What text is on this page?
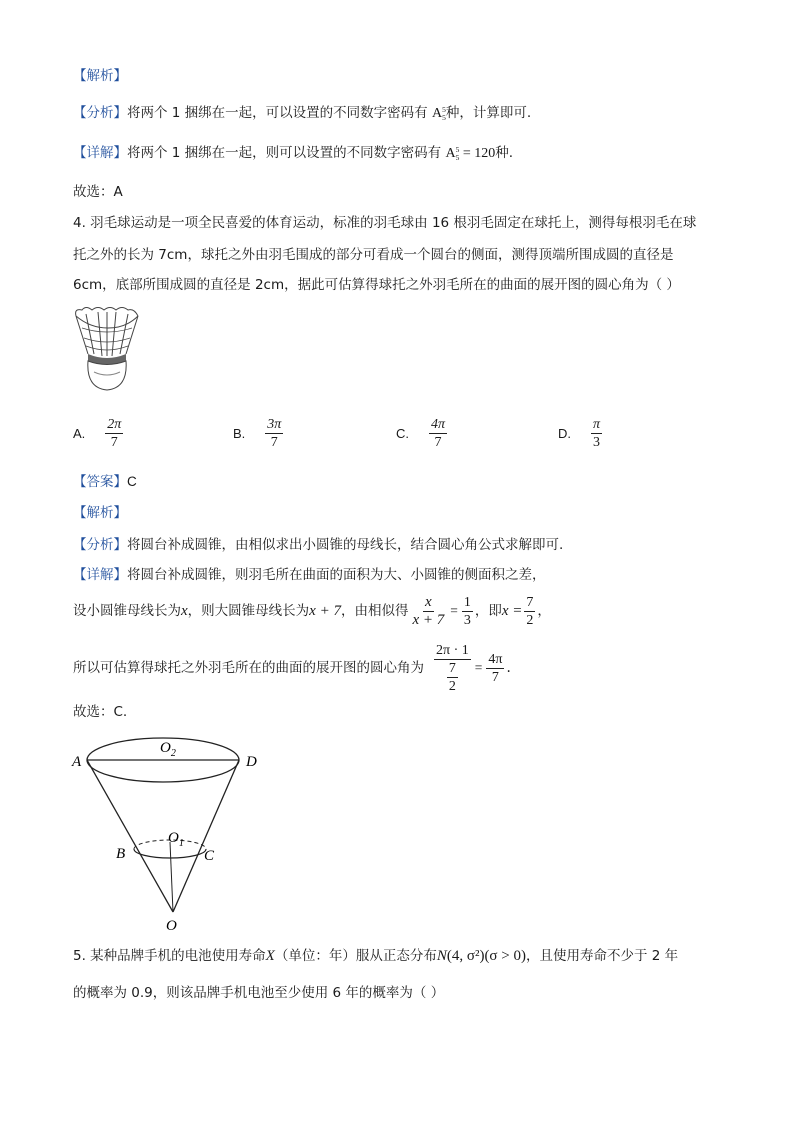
【解析】
【分析】将两个 1 捆绑在一起，可以设置的不同数字密码有 A 5
5 种，计算即可.
【详解】将两个 1 捆绑在一起，则可以设置的不同数字密码有 A 5
5 = 120种.
故选：A
4. 羽毛球运动是一项全民喜爱的体育运动，标准的羽毛球由 16 根羽毛固定在球托上，测得每根羽毛在球
托之外的长为 7cm，球托之外由羽毛围成的部分可看成一个圆台的侧面，测得顶端所围成圆的直径是
6cm，底部所围成圆的直径是 2cm，据此可估算得球托之外羽毛所在的曲面的展开图的圆心角为（ ）
A. $\frac{2\pi}{7}$	B. $\frac{3\pi}{7}$	C. $\frac{4\pi}{7}$	D. $\frac{\pi}{3}$
【答案】C
【解析】
【分析】将圆台补成圆锥，由相似求出小圆锥的母线长，结合圆心角公式求解即可.
【详解】将圆台补成圆锥，则羽毛所在曲面的面积为大、小圆锥的侧面积之差，
设小圆锥母线长为 x ，则大圆锥母线长为 x + 7 ，由相似得 $\frac{x}{x + 7} = \frac{1}{3}$ ，即 $x = \frac{7}{2}$ ，
所以可估算得球托之外羽毛所在的曲面的展开图的圆心角为 $\frac{2\pi \cdot 1}{\frac{7}{2}} = \frac{4\pi}{7}$ .
故选：C.
$O_2$
A	D
$O_1$
B	C
O
5. 某种品牌手机的电池使用寿命 X （单位：年）服从正态分布 N (4, σ²) (σ > 0) ，且使用寿命不少于 2 年
的概率为 0.9，则该品牌手机电池至少使用 6 年的概率为（ ）
